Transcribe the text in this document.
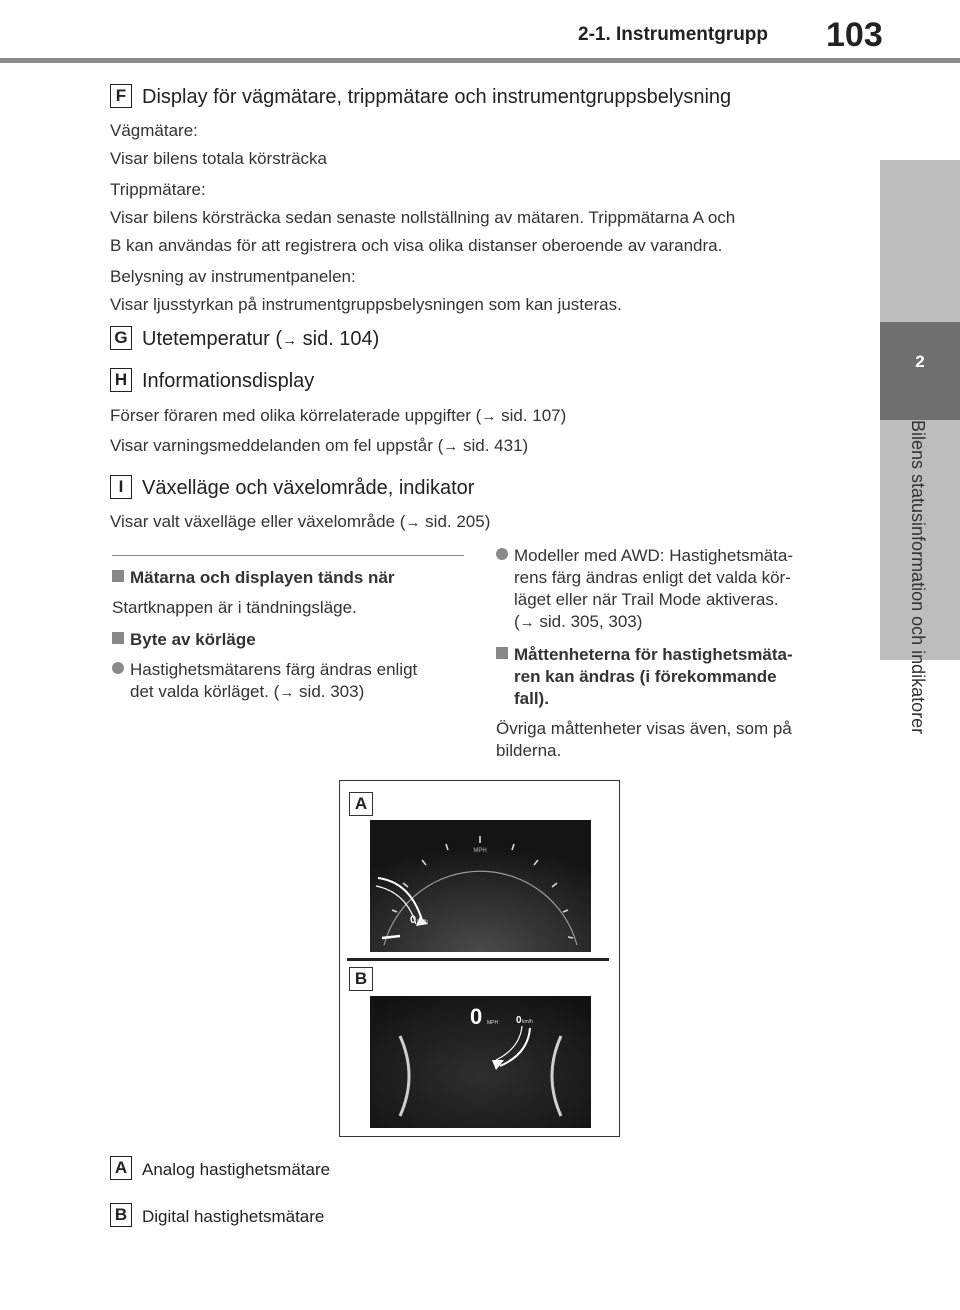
2-1. Instrumentgrupp 103
2
Bilens statusinformation och indikatorer
F Display för vägmätare, trippmätare och instrumentgruppsbelysning
Vägmätare:
Visar bilens totala körsträcka
Trippmätare:
Visar bilens körsträcka sedan senaste nollställning av mätaren. Trippmätarna A och
B kan användas för att registrera och visa olika distanser oberoende av varandra.
Belysning av instrumentpanelen:
Visar ljusstyrkan på instrumentgruppsbelysningen som kan justeras.
G Utetemperatur (→ sid. 104)
H Informationsdisplay
Förser föraren med olika körrelaterade uppgifter (→ sid. 107)
Visar varningsmeddelanden om fel uppstår (→ sid. 431)
I Växelläge och växelområde, indikator
Visar valt växelläge eller växelområde (→ sid. 205)
Mätarna och displayen tänds när
Startknappen är i tändningsläge.
Byte av körläge
Hastighetsmätarens färg ändras enligt
det valda körläget. (→ sid. 303)
Modeller med AWD: Hastighetsmäta-
rens färg ändras enligt det valda kör-
läget eller när Trail Mode aktiveras.
(→ sid. 305, 303)
Måttenheterna för hastighetsmäta-
ren kan ändras (i förekommande
fall).
Övriga måttenheter visas även, som på
bilderna.
A
MPH
0 km/h
B
0 MPH 0 km/h
A Analog hastighetsmätare
B Digital hastighetsmätare
